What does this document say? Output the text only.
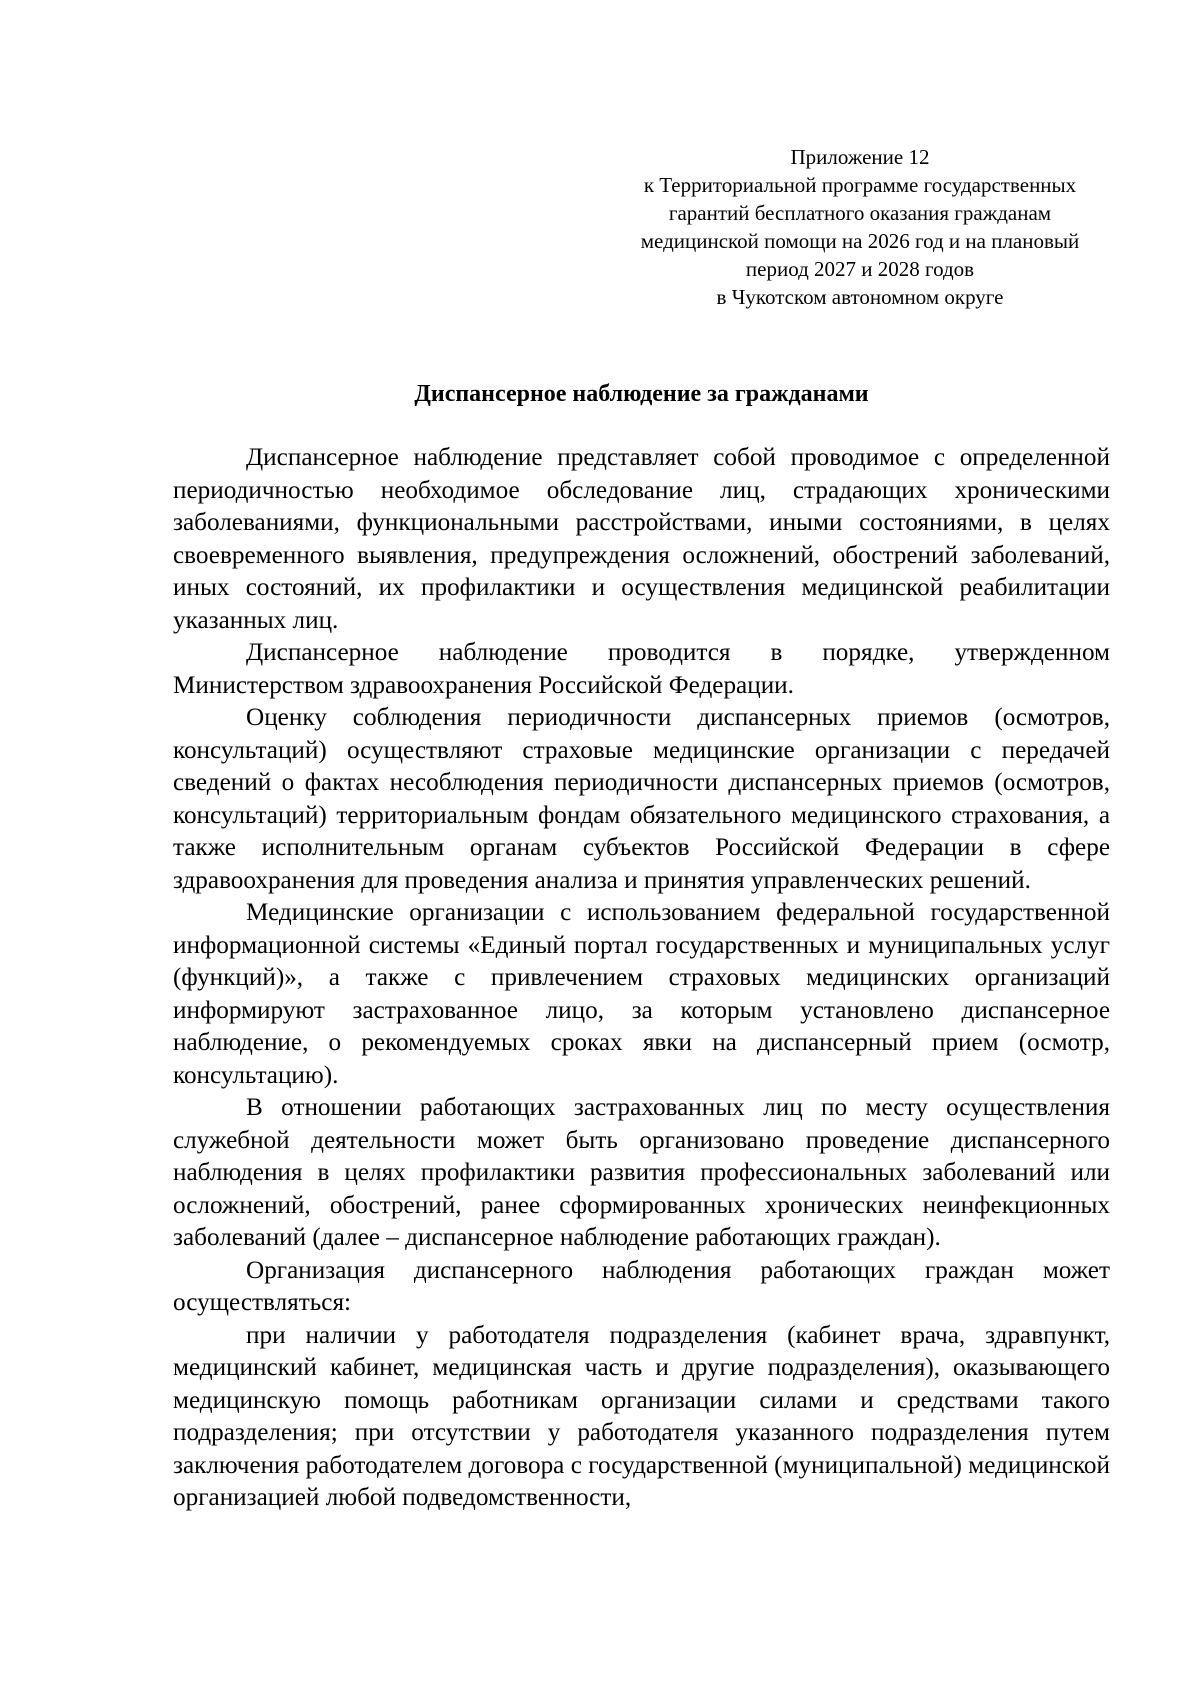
Приложение 12
к Территориальной программе государственных
гарантий бесплатного оказания гражданам
медицинской помощи на 2026 год и на плановый
период 2027 и 2028 годов
в Чукотском автономном округе
Диспансерное наблюдение за гражданами

Диспансерное наблюдение представляет собой проводимое с определенной периодичностью необходимое обследование лиц, страдающих хроническими заболеваниями, функциональными расстройствами, иными состояниями, в целях своевременного выявления, предупреждения осложнений, обострений заболеваний, иных состояний, их профилактики и осуществления медицинской реабилитации указанных лиц.

Диспансерное наблюдение проводится в порядке, утвержденном Министерством здравоохранения Российской Федерации.

Оценку соблюдения периодичности диспансерных приемов (осмотров, консультаций) осуществляют страховые медицинские организации с передачей сведений о фактах несоблюдения периодичности диспансерных приемов (осмотров, консультаций) территориальным фондам обязательного медицинского страхования, а также исполнительным органам субъектов Российской Федерации в сфере здравоохранения для проведения анализа и принятия управленческих решений.

Медицинские организации с использованием федеральной государственной информационной системы «Единый портал государственных и муниципальных услуг (функций)», а также с привлечением страховых медицинских организаций информируют застрахованное лицо, за которым установлено диспансерное наблюдение, о рекомендуемых сроках явки на диспансерный прием (осмотр, консультацию).

В отношении работающих застрахованных лиц по месту осуществления служебной деятельности может быть организовано проведение диспансерного наблюдения в целях профилактики развития профессиональных заболеваний или осложнений, обострений, ранее сформированных хронических неинфекционных заболеваний (далее – диспансерное наблюдение работающих граждан).

Организация диспансерного наблюдения работающих граждан может осуществляться:

при наличии у работодателя подразделения (кабинет врача, здравпункт, медицинский кабинет, медицинская часть и другие подразделения), оказывающего медицинскую помощь работникам организации силами и средствами такого подразделения; при отсутствии у работодателя указанного подразделения путем заключения работодателем договора с государственной (муниципальной) медицинской организацией любой подведомственности,
